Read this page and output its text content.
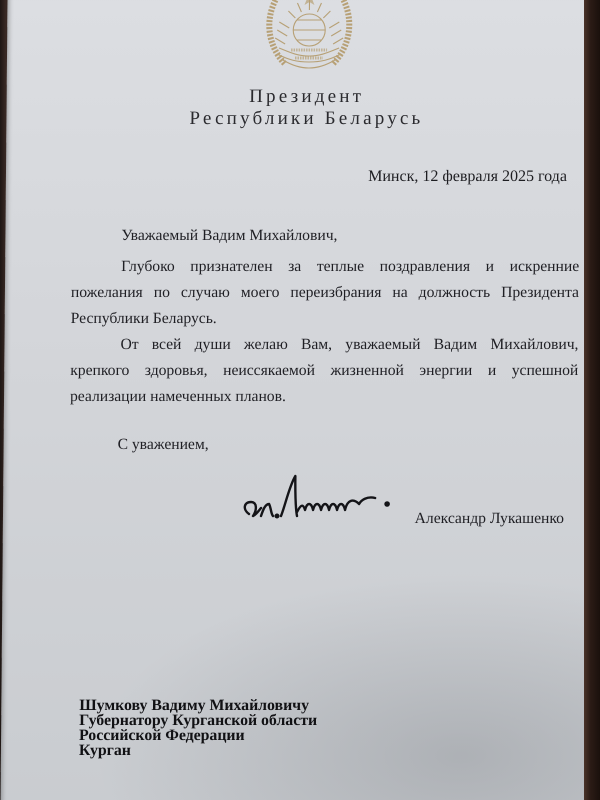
Президент
Республики Беларусь
Минск, 12 февраля 2025 года
Уважаемый Вадим Михайлович,
Глубоко признателен за теплые поздравления и искренние
пожелания по случаю моего переизбрания на должность Президента
Республики Беларусь.
От всей души желаю Вам, уважаемый Вадим Михайлович,
крепкого здоровья, неиссякаемой жизненной энергии и успешной
реализации намеченных планов.
С уважением,
Александр Лукашенко
Шумкову Вадиму Михайловичу
Губернатору Курганской области
Российской Федерации
Курган
